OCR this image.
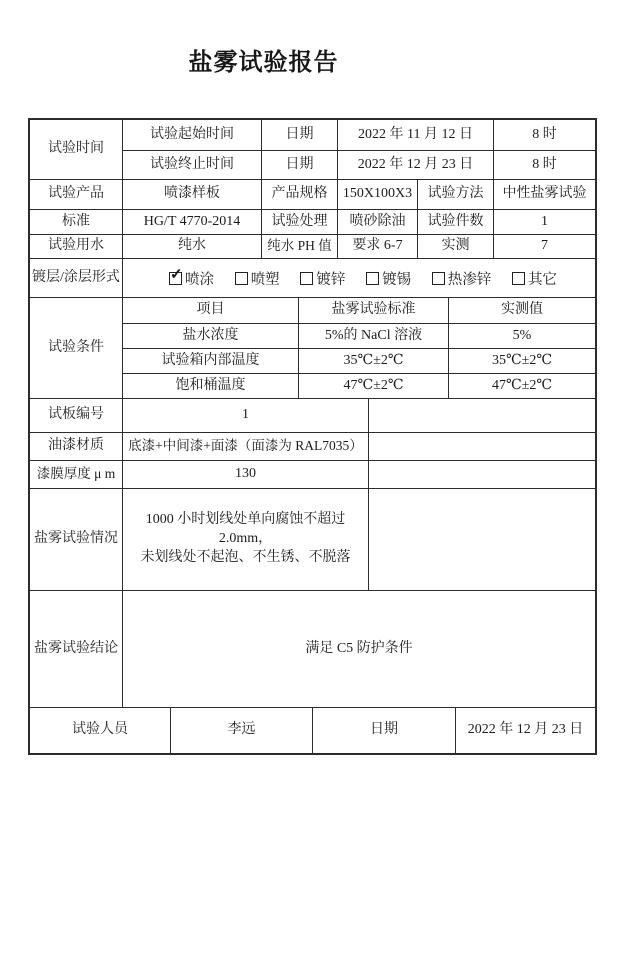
盐雾试验报告
试验时间
试验起始时间	日期	2022 年 11 月 12 日	8 时
试验终止时间	日期	2022 年 12 月 23 日	8 时
试验产品	喷漆样板	产品规格	150X100X3	试验方法	中性盐雾试验
标准	HG/T 4770-2014	试验处理	喷砂除油	试验件数	1
试验用水	纯水	纯水 PH 值	要求 6-7	实测	7
镀层/涂层形式	✓ 喷涂	喷塑	镀锌	镀锡	热渗锌	其它
试验条件
项目	盐雾试验标准	实测值
盐水浓度	5%的 NaCl 溶液	5%
试验箱内部温度	35℃±2℃	35℃±2℃
饱和桶温度	47℃±2℃	47℃±2℃
试板编号	1
油漆材质	底漆+中间漆+面漆（面漆为 RAL7035）
漆膜厚度 μ m	130
盐雾试验情况
1000 小时划线处单向腐蚀不超过 2.0mm，
未划线处不起泡、不生锈、不脱落
盐雾试验结论	满足 C5 防护条件
试验人员	李远	日期	2022 年 12 月 23 日
